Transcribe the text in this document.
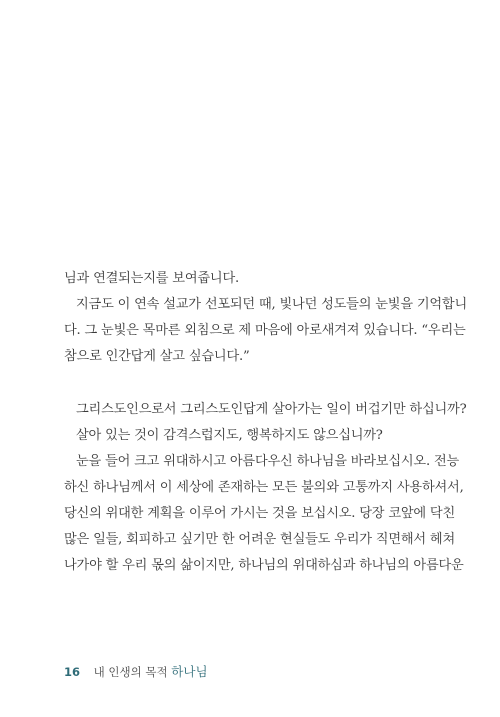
님과 연결되는지를 보여줍니다.
지금도 이 연속 설교가 선포되던 때, 빛나던 성도들의 눈빛을 기억합니
다. 그 눈빛은 목마른 외침으로 제 마음에 아로새겨져 있습니다. “우리는
참으로 인간답게 살고 싶습니다.”
그리스도인으로서 그리스도인답게 살아가는 일이 버겁기만 하십니까?
살아 있는 것이 감격스럽지도, 행복하지도 않으십니까?
눈을 들어 크고 위대하시고 아름다우신 하나님을 바라보십시오. 전능
하신 하나님께서 이 세상에 존재하는 모든 불의와 고통까지 사용하셔서,
당신의 위대한 계획을 이루어 가시는 것을 보십시오. 당장 코앞에 닥친
많은 일들, 회피하고 싶기만 한 어려운 현실들도 우리가 직면해서 헤쳐
나가야 할 우리 몫의 삶이지만, 하나님의 위대하심과 하나님의 아름다운
16 내 인생의 목적 하나님
